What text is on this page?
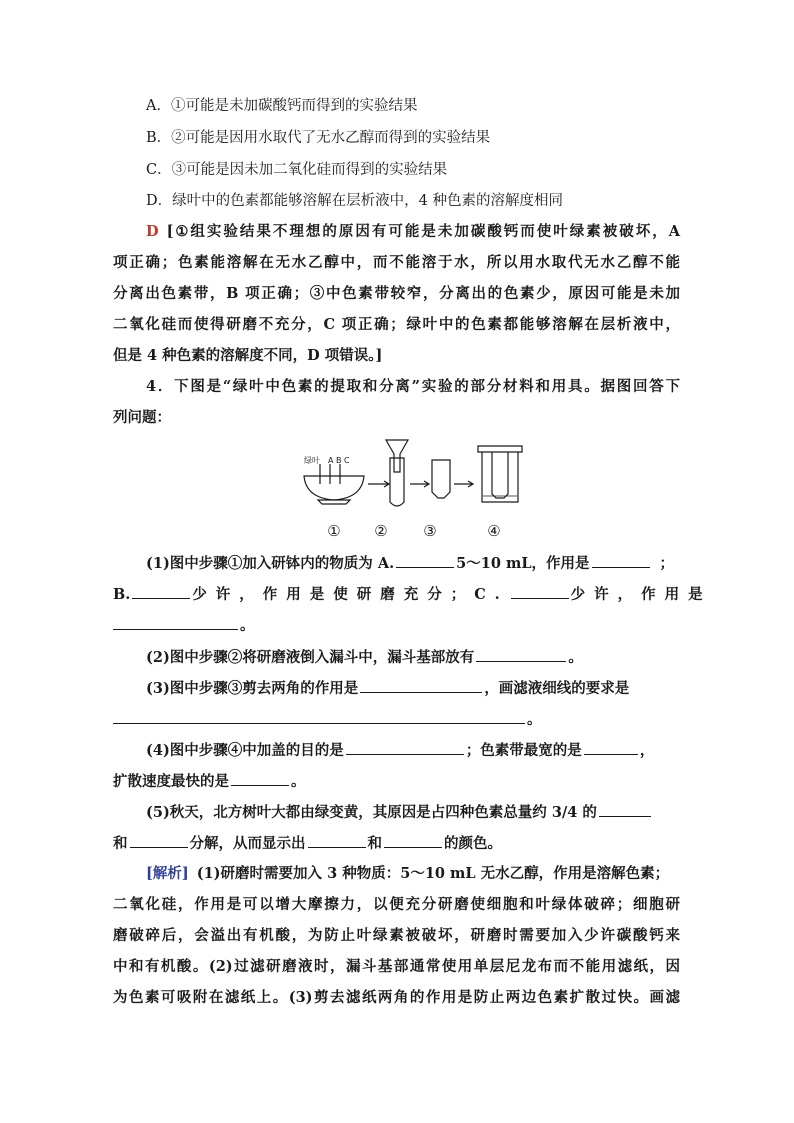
A．①可能是未加碳酸钙而得到的实验结果
B．②可能是因用水取代了无水乙醇而得到的实验结果
C．③可能是因未加二氧化硅而得到的实验结果
D．绿叶中的色素都能够溶解在层析液中，4 种色素的溶解度相同
D [①组实验结果不理想的原因有可能是未加碳酸钙而使叶绿素被破坏，A
项正确；色素能溶解在无水乙醇中，而不能溶于水，所以用水取代无水乙醇不能
分离出色素带，B 项正确；③中色素带较窄，分离出的色素少，原因可能是未加
二氧化硅而使得研磨不充分，C 项正确；绿叶中的色素都能够溶解在层析液中，
但是 4 种色素的溶解度不同，D 项错误。]
4．下图是“绿叶中色素的提取和分离”实验的部分材料和用具。据图回答下
列问题：
绿叶 A B C
①	②	③	④
(1)图中步骤①加入研钵内的物质为 A.	5～10 mL，作用是	；
B.	少许，作用是使研磨充分；C.	少许，作用是
。
(2)图中步骤②将研磨液倒入漏斗中，漏斗基部放有	。
(3)图中步骤③剪去两角的作用是	，画滤液细线的要求是
。
(4)图中步骤④中加盖的目的是	；色素带最宽的是	，
扩散速度最快的是	。
(5)秋天，北方树叶大都由绿变黄，其原因是占四种色素总量约 3/4 的
和	分解，从而显示出	和	的颜色。
[解析] (1)研磨时需要加入 3 种物质：5～10 mL 无水乙醇，作用是溶解色素；
二氧化硅，作用是可以增大摩擦力，以便充分研磨使细胞和叶绿体破碎；细胞研
磨破碎后，会溢出有机酸，为防止叶绿素被破坏，研磨时需要加入少许碳酸钙来
中和有机酸。(2)过滤研磨液时，漏斗基部通常使用单层尼龙布而不能用滤纸，因
为色素可吸附在滤纸上。(3)剪去滤纸两角的作用是防止两边色素扩散过快。画滤
